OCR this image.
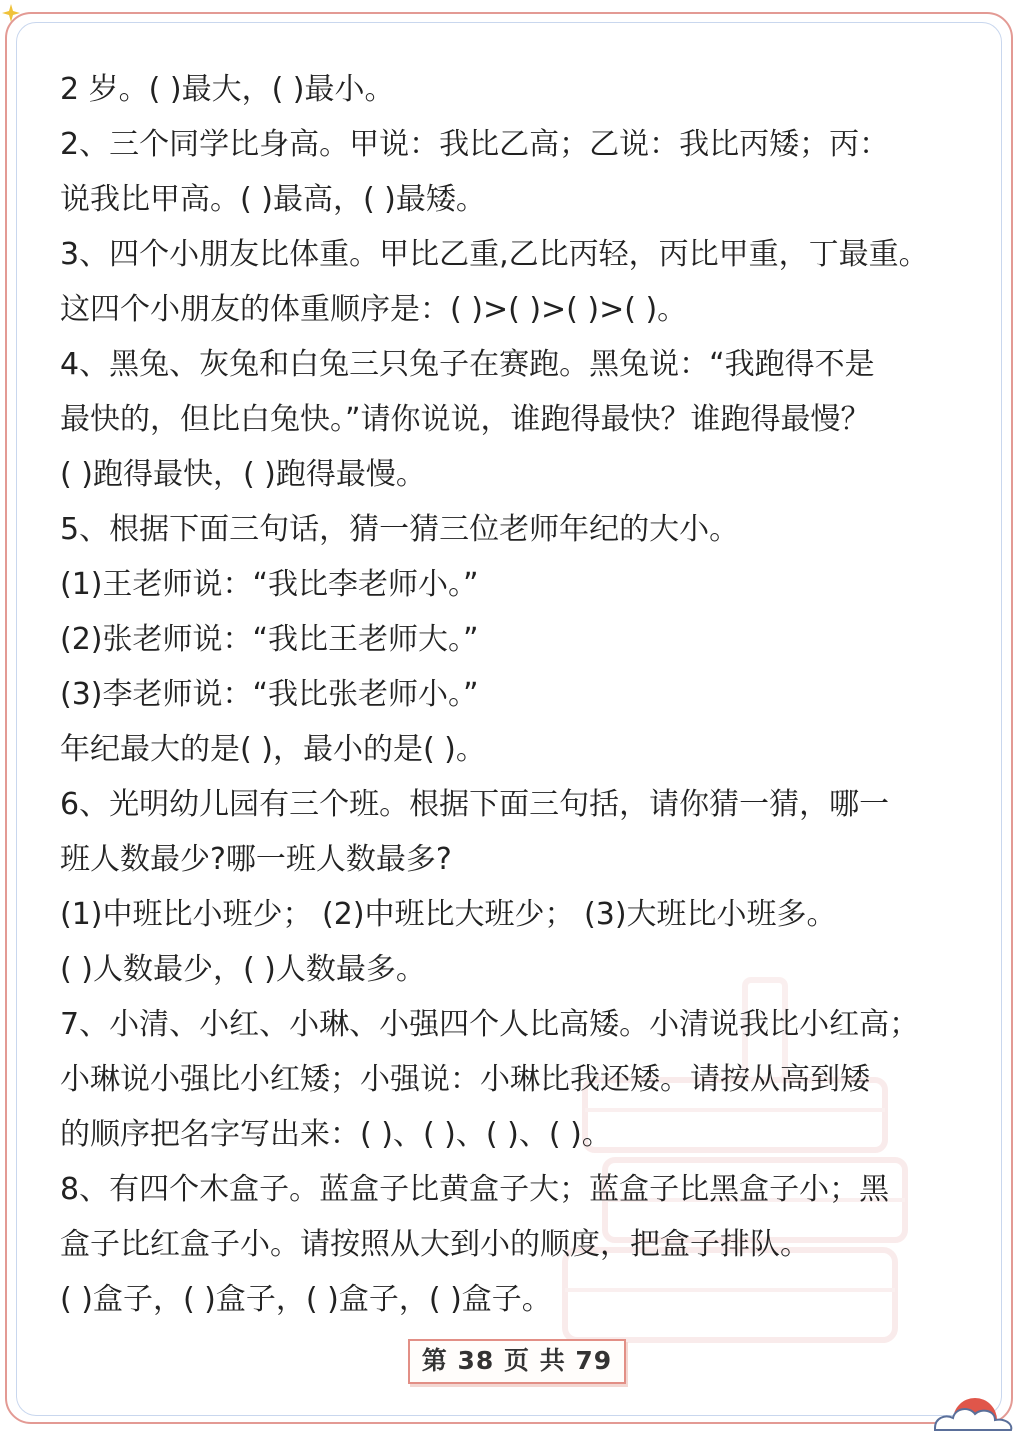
2 岁。( )最大，( )最小。
2、三个同学比身高。甲说：我比乙高；乙说：我比丙矮；丙：
说我比甲高。( )最高，( )最矮。
3、四个小朋友比体重。甲比乙重,乙比丙轻，丙比甲重，丁最重。
这四个小朋友的体重顺序是：( )>( )>( )>( )。
4、黑兔、灰兔和白兔三只兔子在赛跑。黑兔说：“我跑得不是
最快的，但比白兔快。”请你说说，谁跑得最快？谁跑得最慢？
( )跑得最快，( )跑得最慢。
5、根据下面三句话，猜一猜三位老师年纪的大小。
(1)王老师说：“我比李老师小。”
(2)张老师说：“我比王老师大。”
(3)李老师说：“我比张老师小。”
年纪最大的是( )，最小的是( )。
6、光明幼儿园有三个班。根据下面三句括，请你猜一猜，哪一
班人数最少?哪一班人数最多?
(1)中班比小班少； (2)中班比大班少； (3)大班比小班多。
( )人数最少，( )人数最多。
7、小清、小红、小琳、小强四个人比高矮。小清说我比小红高；
小琳说小强比小红矮；小强说：小琳比我还矮。请按从高到矮
的顺序把名字写出来：( )、( )、( )、( )。
8、有四个木盒子。蓝盒子比黄盒子大；蓝盒子比黑盒子小；黑
盒子比红盒子小。请按照从大到小的顺度，把盒子排队。
( )盒子，( )盒子，( )盒子，( )盒子。
第 38 页 共 79
